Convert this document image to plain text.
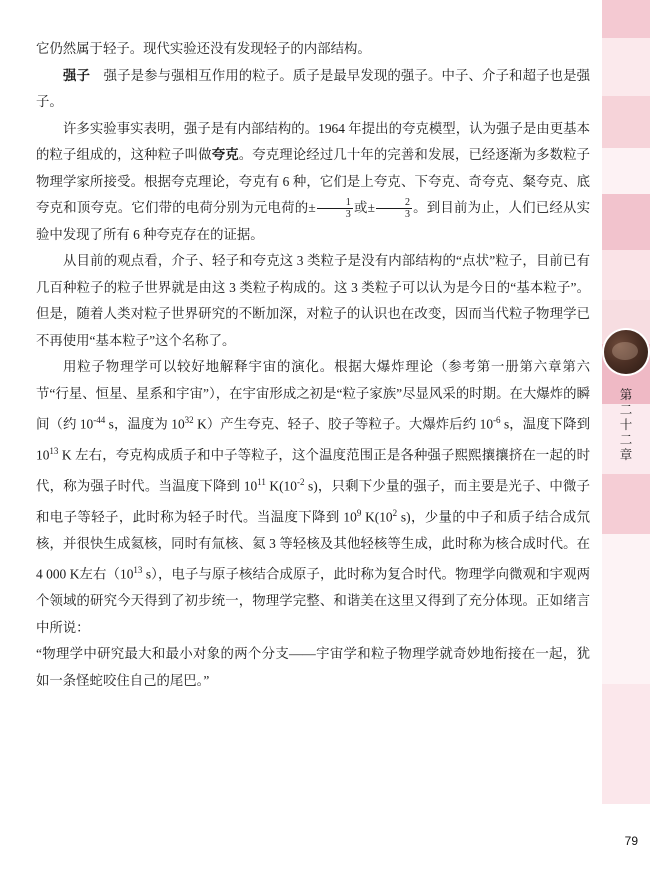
第
二
十
二
章

它仍然属于轻子。现代实验还没有发现轻子的内部结构。

强子　 强子是参与强相互作用的粒子。质子是最早发现的强子。中子、介子和超子也是强子。

许多实验事实表明，强子是有内部结构的。1964 年提出的夸克模型，认为强子是由更基本的粒子组成的，这种粒子叫做夸克。夸克理论经过几十年的完善和发展，已经逐渐为多数粒子物理学家所接受。根据夸克理论，夸克有 6 种，它们是上夸克、下夸克、奇夸克、粲夸克、底夸克和顶夸克。它们带的电荷分别为元电荷的± $\frac{1}{3}$ 或± $\frac{2}{3}$ 。到目前为止，人们已经从实验中发现了所有 6 种夸克存在的证据。

从目前的观点看，介子、轻子和夸克这 3 类粒子是没有内部结构的“点状”粒子，目前已有几百种粒子的粒子世界就是由这 3 类粒子构成的。这 3 类粒子可以认为是今日的“基本粒子”。但是，随着人类对粒子世界研究的不断加深，对粒子的认识也在改变，因而当代粒子物理学已不再使用“基本粒子”这个名称了。

用粒子物理学可以较好地解释宇宙的演化。根据大爆炸理论（参考第一册第六章第六节“行星、恒星、星系和宇宙”），在宇宙形成之初是“粒子家族”尽显风采的时期。在大爆炸的瞬间（约 $10^{-44}$ s，温度为 $10^{32}$ K）产生夸克、轻子、胶子等粒子。大爆炸后约 $10^{-6}$ s，温度下降到 $10^{13}$ K 左右，夸克构成质子和中子等粒子，这个温度范围正是各种强子熙熙攘攘挤在一起的时代，称为强子时代。当温度下降到 $10^{11}$ $K(10^{-2}$ s)，只剩下少量的强子，而主要是光子、中微子和电子等轻子，此时称为轻子时代。当温度下降到 $10^9$ $K(10^2$ s)，少量的中子和质子结合成氘核，并很快生成氦核，同时有氚核、氦 3 等轻核及其他轻核等生成，此时称为核合成时代。在 4 000 K左右（$10^{13}$ s），电子与原子核结合成原子，此时称为复合时代。物理学向微观和宇观两个领域的研究今天得到了初步统一，物理学完整、和谐美在这里又得到了充分体现。正如绪言中所说：

“物理学中研究最大和最小对象的两个分支——宇宙学和粒子物理学就奇妙地衔接在一起，犹如一条怪蛇咬住自己的尾巴。”

79
